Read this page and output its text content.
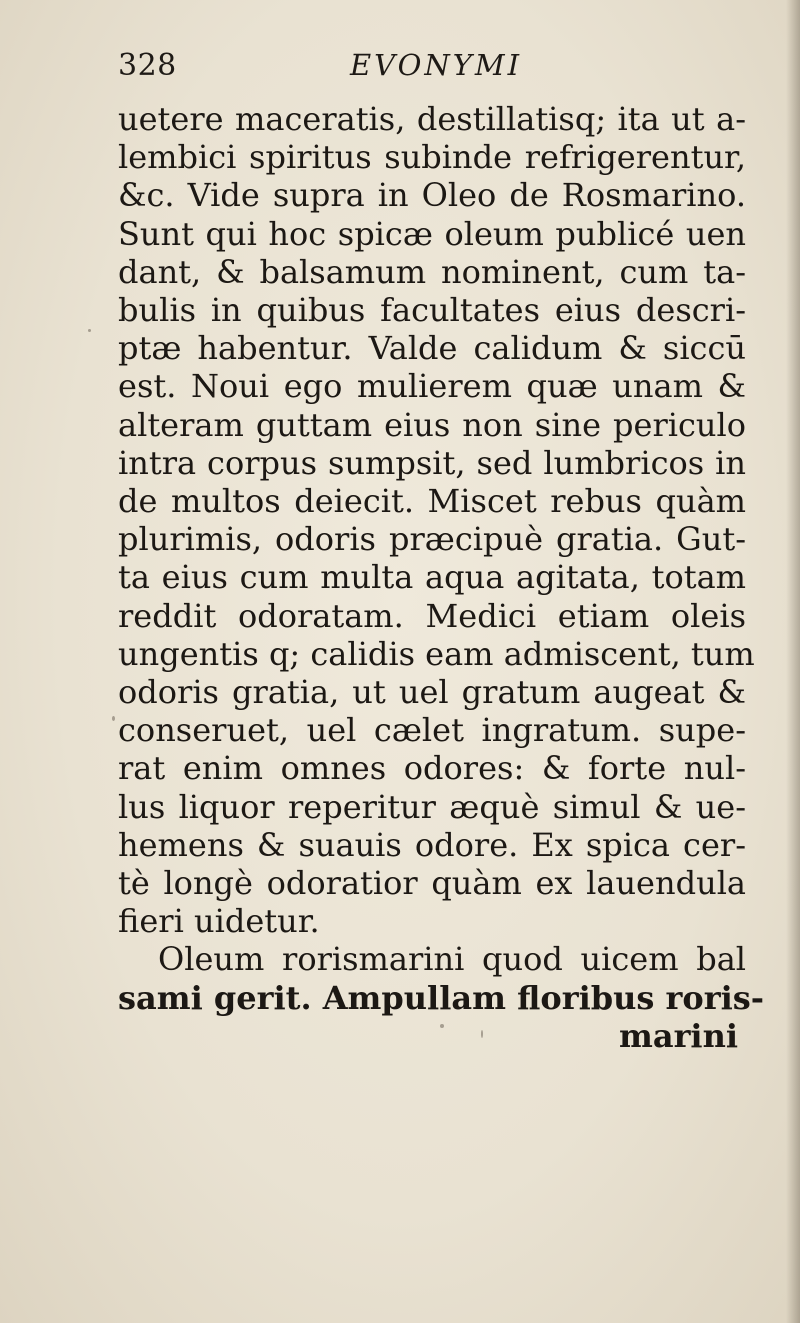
328	EVONYMI
uetere maceratis, destillatisq; ita ut a-
lembici spiritus subinde refrigerentur,
&c. Vide supra in Oleo de Rosmarino.
Sunt qui hoc spicæ oleum publicé uen
dant, & balsamum nominent, cum ta-
bulis in quibus facultates eius descri-
ptæ habentur. Valde calidum & siccū
est. Noui ego mulierem quæ unam &
alteram guttam eius non sine periculo
intra corpus sumpsit, sed lumbricos in
de multos deiecit. Miscet rebus quàm
plurimis, odoris præcipuè gratia. Gut-
ta eius cum multa aqua agitata, totam
reddit odoratam. Medici etiam oleis
ungentis q; calidis eam admiscent, tum
odoris gratia, ut uel gratum augeat &
conseruet, uel cælet ingratum. supe-
rat enim omnes odores: & forte nul-
lus liquor reperitur æquè simul & ue-
hemens & suauis odore. Ex spica cer-
tè longè odoratior quàm ex lauendula
fieri uidetur.
Oleum rorismarini quod uicem bal
sami gerit. Ampullam floribus roris-
marini
